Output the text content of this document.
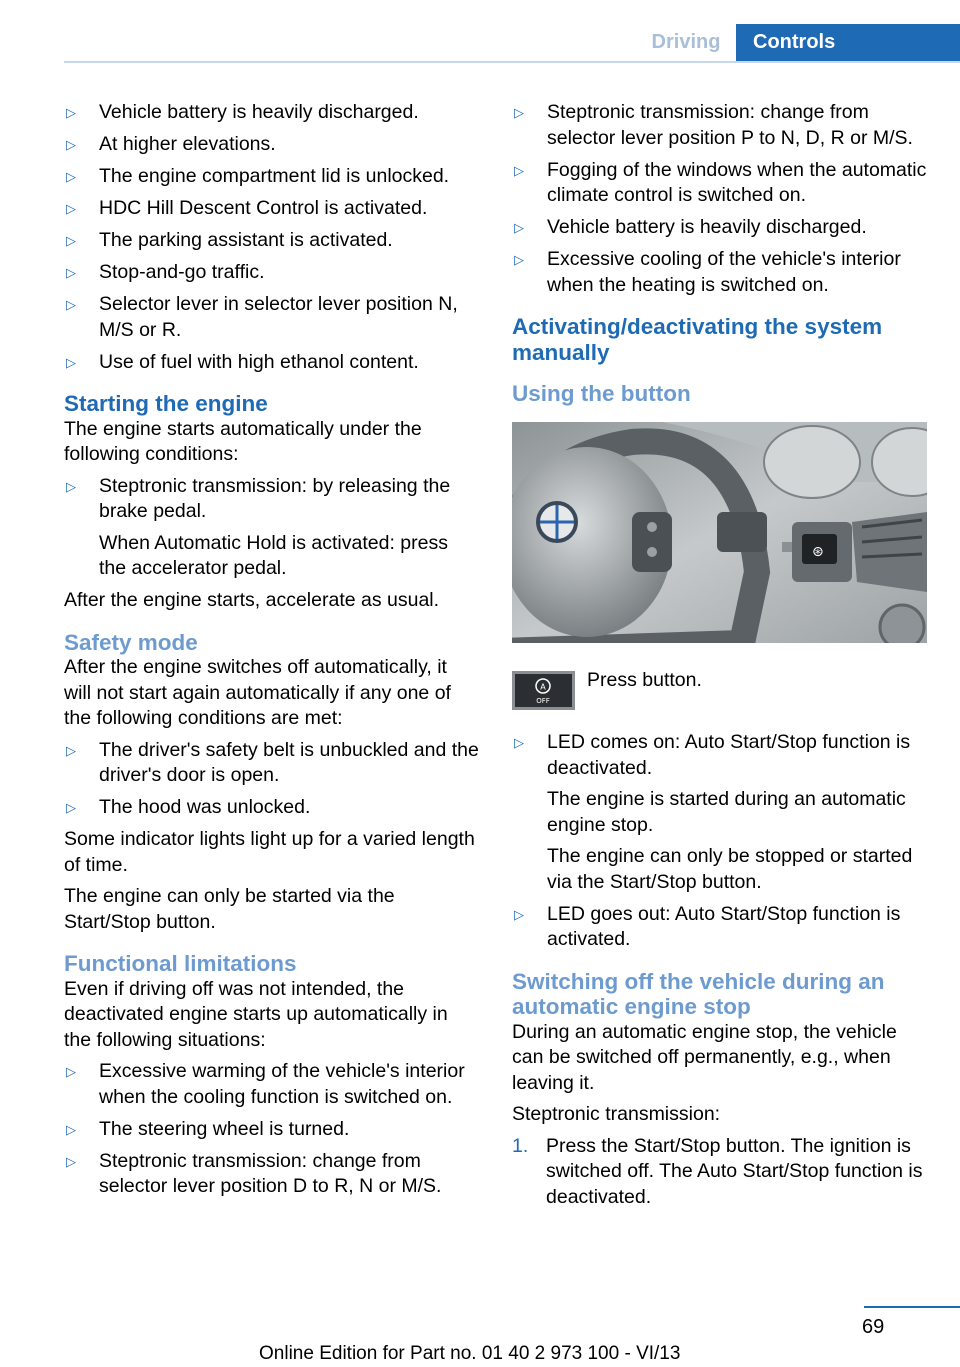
Driving	Controls
▷ Vehicle battery is heavily discharged.

▷ At higher elevations.

▷ The engine compartment lid is unlocked.

▷ HDC Hill Descent Control is activated.

▷ The parking assistant is activated.

▷ Stop-and-go traffic.

▷ Selector lever in selector lever position N, M/S or R.

▷ Use of fuel with high ethanol content.

Starting the engine

The engine starts automatically under the following conditions:

▷ Steptronic transmission: by releasing the brake pedal.

When Automatic Hold is activated: press the accelerator pedal.

After the engine starts, accelerate as usual.

Safety mode

After the engine switches off automatically, it will not start again automatically if any one of the following conditions are met:

▷ The driver's safety belt is unbuckled and the driver's door is open.

▷ The hood was unlocked.

Some indicator lights light up for a varied length of time.

The engine can only be started via the Start/Stop button.

Functional limitations

Even if driving off was not intended, the deactivated engine starts up automatically in the following situations:

▷ Excessive warming of the vehicle's interior when the cooling function is switched on.

▷ The steering wheel is turned.

▷ Steptronic transmission: change from selector lever position D to R, N or M/S.

▷ Steptronic transmission: change from selector lever position P to N, D, R or M/S.

▷ Fogging of the windows when the automatic climate control is switched on.

▷ Vehicle battery is heavily discharged.

▷ Excessive cooling of the vehicle's interior when the heating is switched on.

Activating/deactivating the system manually
Using the button
⊛
A
OFF

Press button.

▷ LED comes on: Auto Start/Stop function is deactivated.

The engine is started during an automatic engine stop.

The engine can only be stopped or started via the Start/Stop button.

▷ LED goes out: Auto Start/Stop function is activated.

Switching off the vehicle during an automatic engine stop

During an automatic engine stop, the vehicle can be switched off permanently, e.g., when leaving it.

Steptronic transmission:

1. Press the Start/Stop button. The ignition is switched off. The Auto Start/Stop function is deactivated.

69
Online Edition for Part no. 01 40 2 973 100 - VI/13 carmanualsonline.info
